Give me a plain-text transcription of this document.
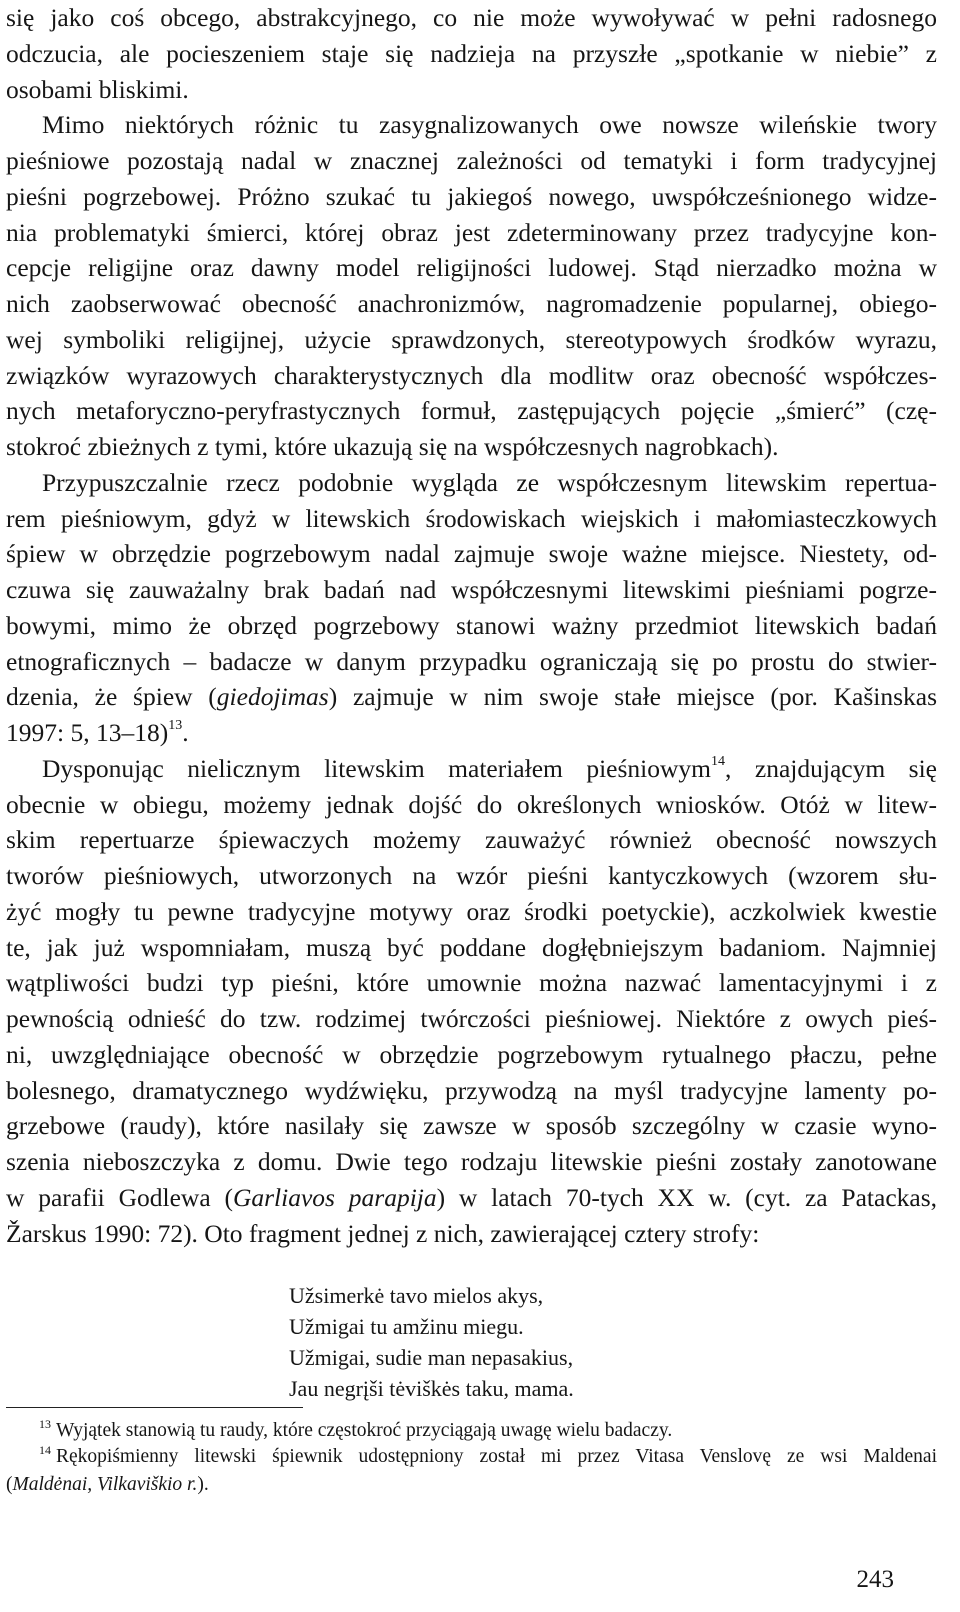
się jako coś obcego, abstrakcyjnego, co nie może wywoływać w pełni radosnego
odczucia, ale pocieszeniem staje się nadzieja na przyszłe „spotkanie w niebie” z
osobami bliskimi.
Mimo niektórych różnic tu zasygnalizowanych owe nowsze wileńskie twory
pieśniowe pozostają nadal w znacznej zależności od tematyki i form tradycyjnej
pieśni pogrzebowej. Próżno szukać tu jakiegoś nowego, uwspółcześnionego widze-
nia problematyki śmierci, której obraz jest zdeterminowany przez tradycyjne kon-
cepcje religijne oraz dawny model religijności ludowej. Stąd nierzadko można w
nich zaobserwować obecność anachronizmów, nagromadzenie popularnej, obiego-
wej symboliki religijnej, użycie sprawdzonych, stereotypowych środków wyrazu,
związków wyrazowych charakterystycznych dla modlitw oraz obecność współczes-
nych metaforyczno-peryfrastycznych formuł, zastępujących pojęcie „śmierć” (czę-
stokroć zbieżnych z tymi, które ukazują się na współczesnych nagrobkach).
Przypuszczalnie rzecz podobnie wygląda ze współczesnym litewskim repertua-
rem pieśniowym, gdyż w litewskich środowiskach wiejskich i małomiasteczkowych
śpiew w obrzędzie pogrzebowym nadal zajmuje swoje ważne miejsce. Niestety, od-
czuwa się zauważalny brak badań nad współczesnymi litewskimi pieśniami pogrze-
bowymi, mimo że obrzęd pogrzebowy stanowi ważny przedmiot litewskich badań
etnograficznych – badacze w danym przypadku ograniczają się po prostu do stwier-
dzenia, że śpiew (giedojimas) zajmuje w nim swoje stałe miejsce (por. Kašinskas
1997: 5, 13–18)$^{13}$.
Dysponując nielicznym litewskim materiałem pieśniowym$^{14}$, znajdującym się
obecnie w obiegu, możemy jednak dojść do określonych wniosków. Otóż w litew-
skim repertuarze śpiewaczych możemy zauważyć również obecność nowszych
tworów pieśniowych, utworzonych na wzór pieśni kantyczkowych (wzorem słu-
żyć mogły tu pewne tradycyjne motywy oraz środki poetyckie), aczkolwiek kwestie
te, jak już wspomniałam, muszą być poddane dogłębniejszym badaniom. Najmniej
wątpliwości budzi typ pieśni, które umownie można nazwać lamentacyjnymi i z
pewnością odnieść do tzw. rodzimej twórczości pieśniowej. Niektóre z owych pieś-
ni, uwzględniające obecność w obrzędzie pogrzebowym rytualnego płaczu, pełne
bolesnego, dramatycznego wydźwięku, przywodzą na myśl tradycyjne lamenty po-
grzebowe (raudy), które nasilały się zawsze w sposób szczególny w czasie wyno-
szenia nieboszczyka z domu. Dwie tego rodzaju litewskie pieśni zostały zanotowane
w parafii Godlewa (Garliavos parapija) w latach 70-tych XX w. (cyt. za Patackas,
Žarskus 1990: 72). Oto fragment jednej z nich, zawierającej cztery strofy:
Užsimerkė tavo mielos akys,
Užmigai tu amžinu miegu.
Užmigai, sudie man nepasakius,
Jau negrįši tėviškės taku, mama.
$^{13}$ Wyjątek stanowią tu raudy, które częstokroć przyciągają uwagę wielu badaczy.
$^{14}$ Rękopiśmienny litewski śpiewnik udostępniony został mi przez Vitasa Venslovę ze wsi Maldenai
(Maldėnai, Vilkaviškio r.).
243
